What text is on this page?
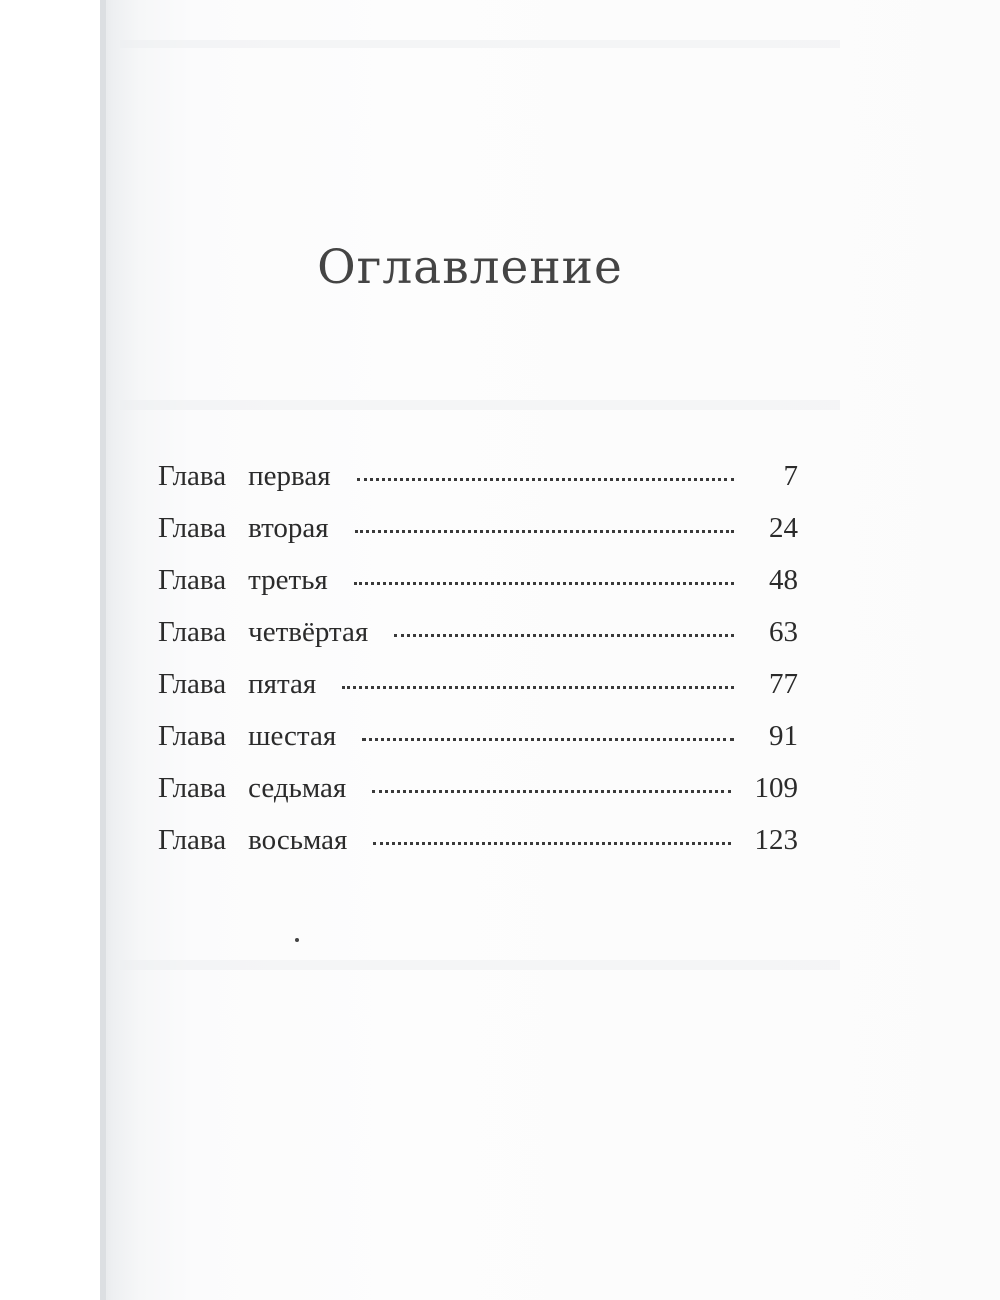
Оглавление
Глава первая	7
Глава вторая	24
Глава третья	48
Глава четвёртая	63
Глава пятая	77
Глава шестая	91
Глава седьмая	109
Глава восьмая	123
